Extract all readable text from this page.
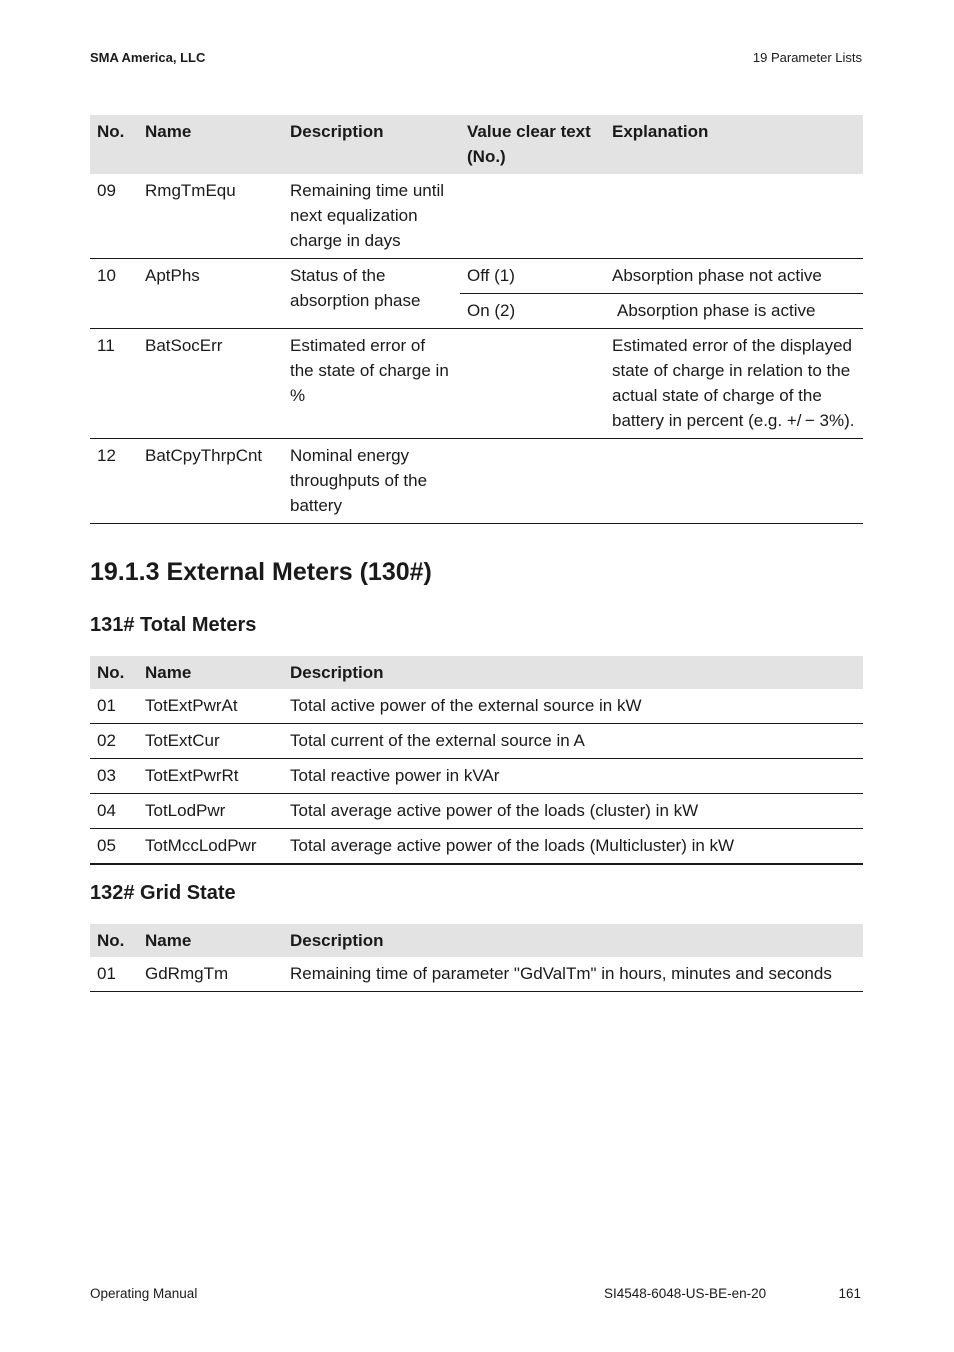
SMA America, LLC	19 Parameter Lists
No.	Name	Description	Value clear text (No.)	Explanation
09	RmgTmEqu	Remaining time until next equalization charge in days		
10	AptPhs	Status of the absorption phase	Off (1)	Absorption phase not active
			On (2)	Absorption phase is active
11	BatSocErr	Estimated error of the state of charge in %		Estimated error of the displayed state of charge in relation to the actual state of charge of the battery in percent (e.g. +/ − 3%).
12	BatCpyThrpCnt	Nominal energy throughputs of the battery		
19.1.3 External Meters (130#)
131# Total Meters
No.	Name	Description
01	TotExtPwrAt	Total active power of the external source in kW
02	TotExtCur	Total current of the external source in A
03	TotExtPwrRt	Total reactive power in kVAr
04	TotLodPwr	Total average active power of the loads (cluster) in kW
05	TotMccLodPwr	Total average active power of the loads (Multicluster) in kW
132# Grid State
No.	Name	Description
01	GdRmgTm	Remaining time of parameter "GdValTm" in hours, minutes and seconds
Operating Manual	SI4548-6048-US-BE-en-20	161
